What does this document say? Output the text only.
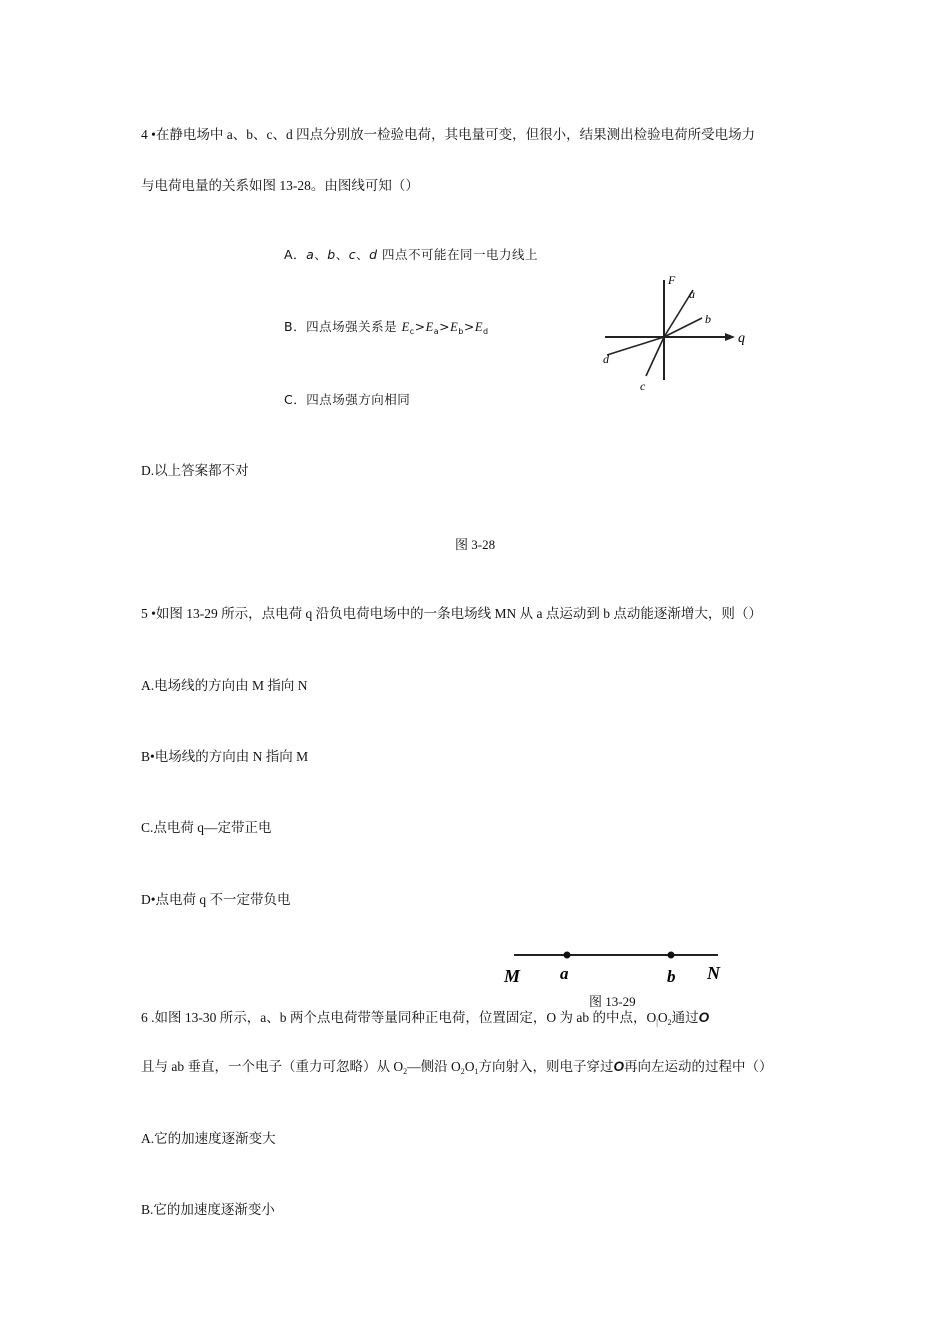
4 •在静电场中 a、b、c、d 四点分别放一检验电荷，其电量可变，但很小，结果测出检验电荷所受电场力
与电荷电量的关系如图 13-28。由图线可知（）
A．a、b、c、d 四点不可能在同一电力线上
B．四点场强关系是 $E_c>E_a>E_b>E_d$
C．四点场强方向相同
D.以上答案都不对
F
a
b
q
d
c
图 3-28
5 •如图 13-29 所示，点电荷 q 沿负电荷电场中的一条电场线 MN 从 a 点运动到 b 点动能逐渐增大，则（）
A.电场线的方向由 M 指向 N
B•电场线的方向由 N 指向 M
C.点电荷 q—定带正电
D•点电荷 q 不一定带负电
M a	b N
图 13-29
6 .如图 13-30 所示，a、b 两个点电荷带等量同种正电荷，位置固定，O 为 ab 的中点，$O_|O_2$通过O
且与 ab 垂直，一个电子（重力可忽略）从 $O_2—$侧沿 $O_2O_1$方向射入，则电子穿过O再向左运动的过程中（）
A.它的加速度逐渐变大
B.它的加速度逐渐变小
